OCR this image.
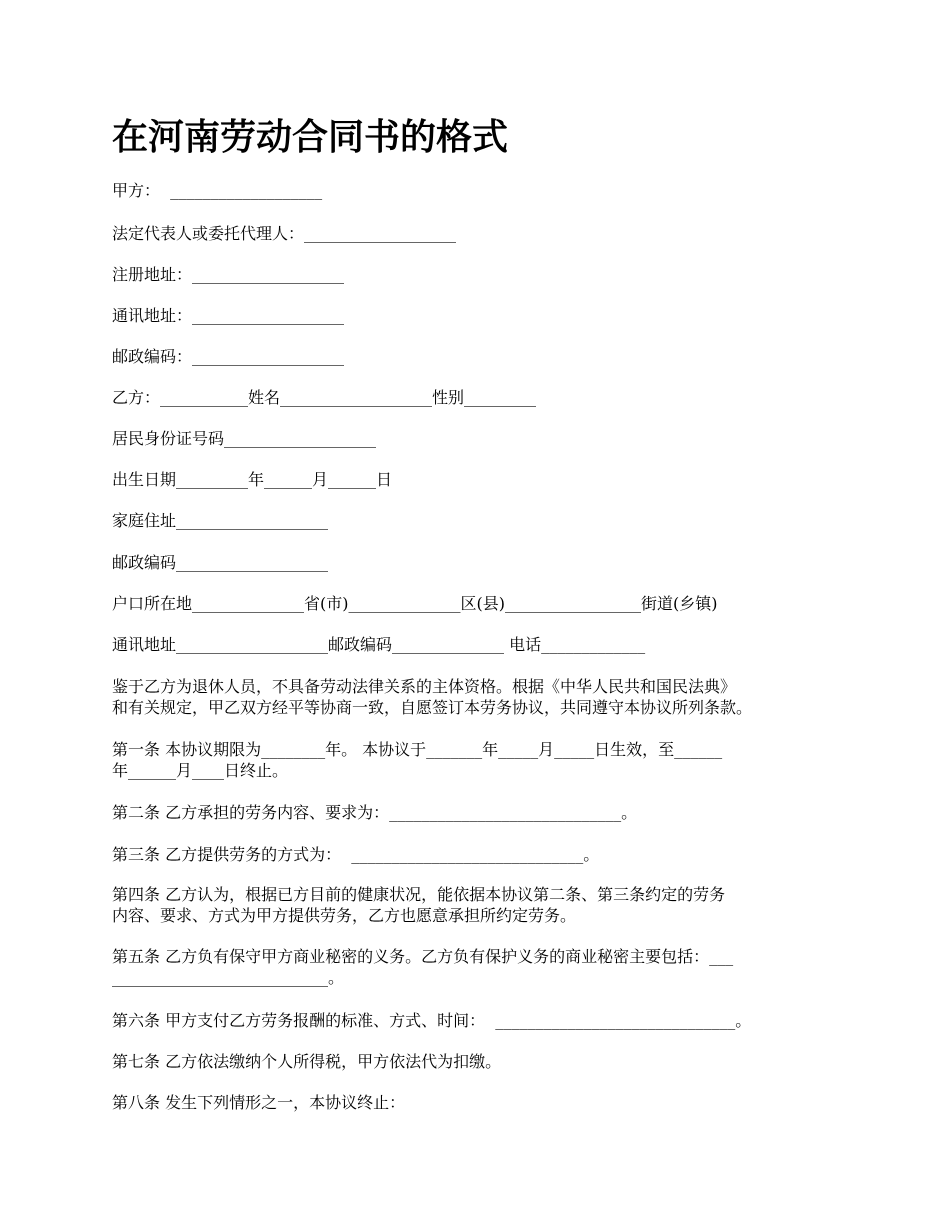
在河南劳动合同书的格式

甲方：  ___________________

法定代表人或委托代理人：___________________

注册地址：___________________

通讯地址：___________________

邮政编码：___________________

乙方：___________姓名___________________性别_________

居民身份证号码___________________

出生日期_________年______月______日

家庭住址___________________

邮政编码___________________

户口所在地______________省(市)______________区(县)_________________街道(乡镇)

通讯地址___________________邮政编码______________ 电话_____________

鉴于乙方为退休人员，不具备劳动法律关系的主体资格。根据《中华人民共和国民法典》

和有关规定，甲乙双方经平等协商一致，自愿签订本劳务协议，共同遵守本协议所列条款。

第一条 本协议期限为________年。 本协议于_______年_____月_____日生效，至______

年______月____日终止。

第二条 乙方承担的劳务内容、要求为：_____________________________。

第三条 乙方提供劳务的方式为：  _____________________________。

第四条 乙方认为，根据已方目前的健康状况，能依据本协议第二条、第三条约定的劳务

内容、要求、方式为甲方提供劳务，乙方也愿意承担所约定劳务。

第五条 乙方负有保守甲方商业秘密的义务。乙方负有保护义务的商业秘密主要包括：___

___________________________。

第六条 甲方支付乙方劳务报酬的标准、方式、时间：  ______________________________。

第七条 乙方依法缴纳个人所得税，甲方依法代为扣缴。

第八条 发生下列情形之一，本协议终止：
